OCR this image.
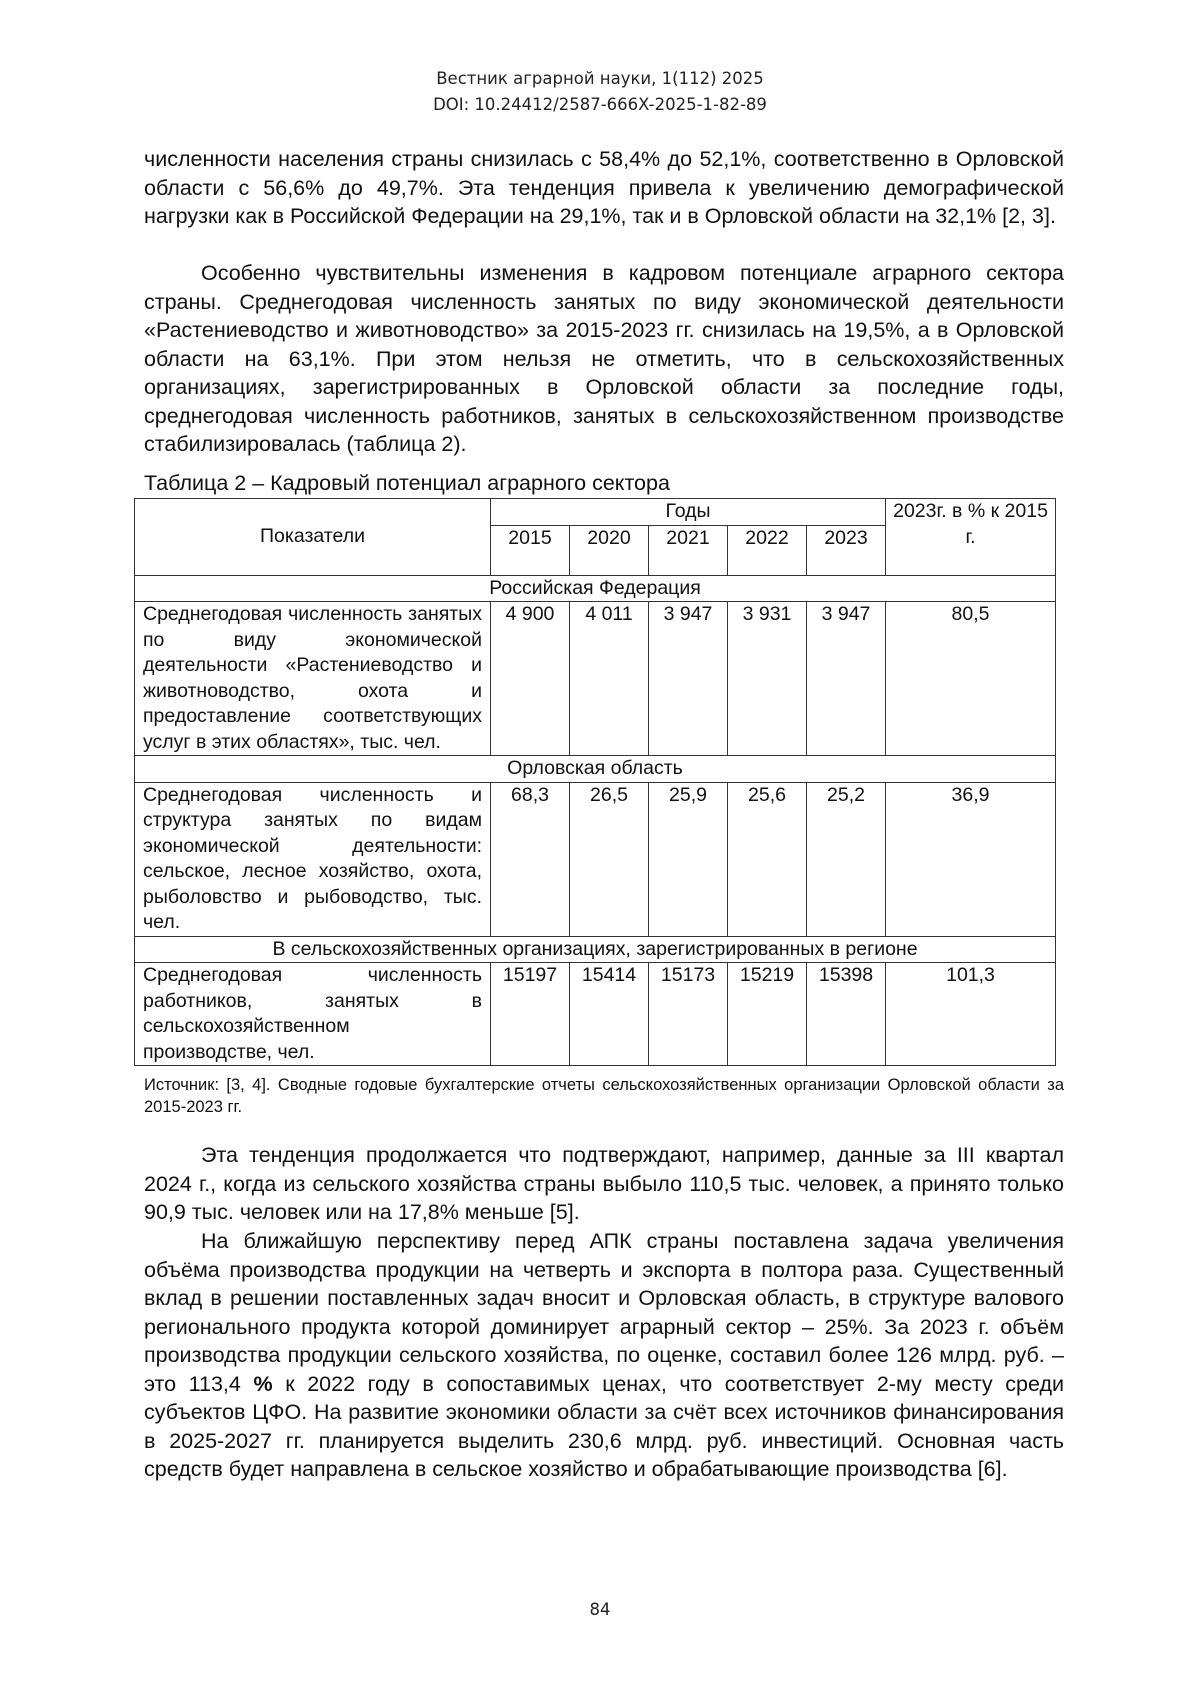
Вестник аграрной науки, 1(112) 2025
DOI: 10.24412/2587-666X-2025-1-82-89

численности населения страны снизилась с 58,4% до 52,1%, соответственно в Орловской области с 56,6% до 49,7%. Эта тенденция привела к увеличению демографической нагрузки как в Российской Федерации на 29,1%, так и в Орловской области на 32,1% [2, 3].

Особенно чувствительны изменения в кадровом потенциале аграрного сектора страны. Среднегодовая численность занятых по виду экономической деятельности «Растениеводство и животноводство» за 2015-2023 гг. снизилась на 19,5%, а в Орловской области на 63,1%. При этом нельзя не отметить, что в сельскохозяйственных организациях, зарегистрированных в Орловской области за последние годы, среднегодовая численность работников, занятых в сельскохозяйственном производстве стабилизировалась (таблица 2).

Таблица 2 – Кадровый потенциал аграрного сектора

Показатели	Годы					2023г. в % к 2015 г.
	2015	2020	2021	2022	2023	
Российская Федерация						
Среднегодовая численность занятых по виду экономической деятельности «Растениеводство и животноводство, охота и предоставление соответствующих услуг в этих областях», тыс. чел.	4 900	4 011	3 947	3 931	3 947	80,5
Орловская область						
Среднегодовая численность и структура занятых по видам экономической деятельности: сельское, лесное хозяйство, охота, рыболовство и рыбоводство, тыс. чел.	68,3	26,5	25,9	25,6	25,2	36,9
В сельскохозяйственных организациях, зарегистрированных в регионе						
Среднегодовая численность работников, занятых в сельскохозяйственном производстве, чел.	15197	15414	15173	15219	15398	101,3

Источник: [3, 4]. Сводные годовые бухгалтерские отчеты сельскохозяйственных организации Орловской области за 2015-2023 гг.

Эта тенденция продолжается что подтверждают, например, данные за III квартал 2024 г., когда из сельского хозяйства страны выбыло 110,5 тыс. человек, а принято только 90,9 тыс. человек или на 17,8% меньше [5].

На ближайшую перспективу перед АПК страны поставлена задача увеличения объёма производства продукции на четверть и экспорта в полтора раза. Существенный вклад в решении поставленных задач вносит и Орловская область, в структуре валового регионального продукта которой доминирует аграрный сектор – 25%. За 2023 г. объём производства продукции сельского хозяйства, по оценке, составил более 126 млрд. руб. – это 113,4 % к 2022 году в сопоставимых ценах, что соответствует 2-му месту среди субъектов ЦФО. На развитие экономики области за счёт всех источников финансирования в 2025-2027 гг. планируется выделить 230,6 млрд. руб. инвестиций. Основная часть средств будет направлена в сельское хозяйство и обрабатывающие производства [6].

84
